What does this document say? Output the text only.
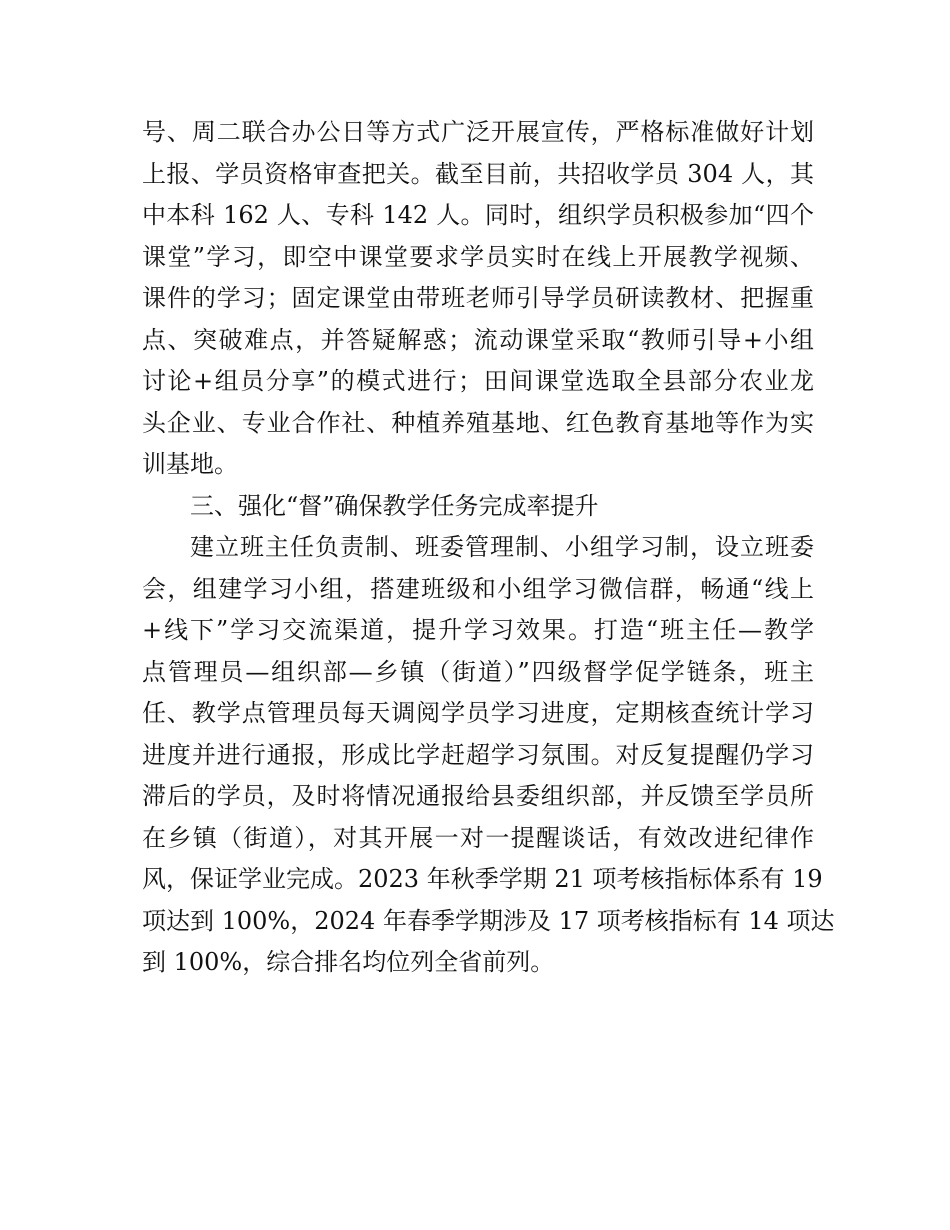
号、周二联合办公日等方式广泛开展宣传，严格标准做好计划
上报、学员资格审查把关。截至目前，共招收学员 304 人，其
中本科 162 人、专科 142 人。同时，组织学员积极参加“四个
课堂”学习，即空中课堂要求学员实时在线上开展教学视频、
课件的学习；固定课堂由带班老师引导学员研读教材、把握重
点、突破难点，并答疑解惑；流动课堂采取“教师引导+小组
讨论+组员分享”的模式进行；田间课堂选取全县部分农业龙
头企业、专业合作社、种植养殖基地、红色教育基地等作为实
训基地。
三、强化“督”确保教学任务完成率提升
建立班主任负责制、班委管理制、小组学习制，设立班委
会，组建学习小组，搭建班级和小组学习微信群，畅通“线上
+线下”学习交流渠道，提升学习效果。打造“班主任—教学
点管理员—组织部—乡镇（街道）”四级督学促学链条，班主
任、教学点管理员每天调阅学员学习进度，定期核查统计学习
进度并进行通报，形成比学赶超学习氛围。对反复提醒仍学习
滞后的学员，及时将情况通报给县委组织部，并反馈至学员所
在乡镇（街道），对其开展一对一提醒谈话，有效改进纪律作
风，保证学业完成。2023 年秋季学期 21 项考核指标体系有 19
项达到 100%，2024 年春季学期涉及 17 项考核指标有 14 项达
到 100%，综合排名均位列全省前列。
